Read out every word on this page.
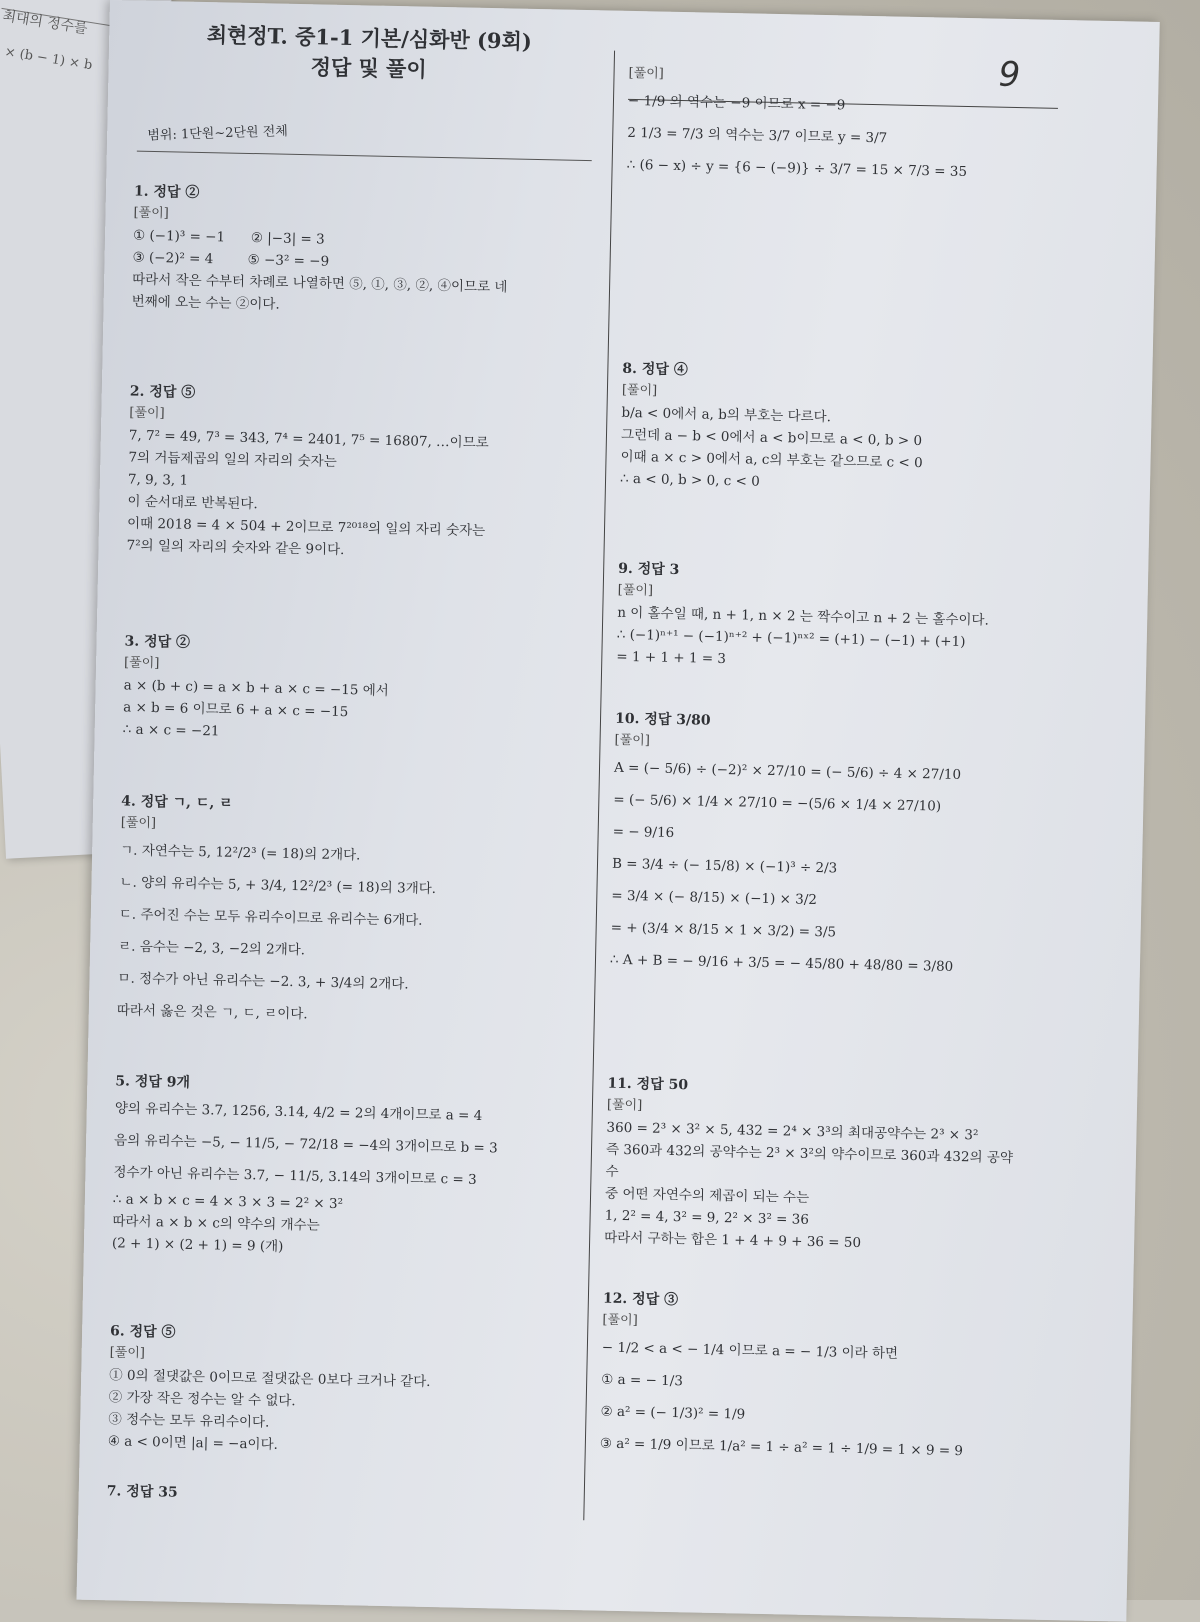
최대의 정수를
× (b − 1) × b
최현정T. 중1-1 기본/심화반 (9회)
정답 및 풀이	9
범위: 1단원~2단원 전체
1. 정답 ②
[풀이]

① (−1)³ = −1      ② |−3| = 3

③ (−2)² = 4        ⑤ −3² = −9

따라서 작은 수부터 차례로 나열하면 ⑤, ①, ③, ②, ④이므로 네

번째에 오는 수는 ②이다.

2. 정답 ⑤
[풀이]

7, 7² = 49, 7³ = 343, 7⁴ = 2401, 7⁵ = 16807, …이므로

7의 거듭제곱의 일의 자리의 숫자는

7, 9, 3, 1

이 순서대로 반복된다.

이때 2018 = 4 × 504 + 2이므로 7²⁰¹⁸의 일의 자리 숫자는

7²의 일의 자리의 숫자와 같은 9이다.

3. 정답 ②
[풀이]

a × (b + c) = a × b + a × c = −15 에서

a × b = 6 이므로 6 + a × c = −15

∴ a × c = −21

4. 정답 ㄱ, ㄷ, ㄹ
[풀이]

ㄱ. 자연수는 5, 12²/2³ (= 18)의 2개다.

ㄴ. 양의 유리수는 5, + 3/4, 12²/2³ (= 18)의 3개다.

ㄷ. 주어진 수는 모두 유리수이므로 유리수는 6개다.

ㄹ. 음수는 −2, 3, −2의 2개다.

ㅁ. 정수가 아닌 유리수는 −2. 3, + 3/4의 2개다.

따라서 옳은 것은 ㄱ, ㄷ, ㄹ이다.

5. 정답 9개

양의 유리수는 3.7, 1256, 3.14, 4/2 = 2의 4개이므로 a = 4

음의 유리수는 −5, − 11/5, − 72/18 = −4의 3개이므로 b = 3

정수가 아닌 유리수는 3.7, − 11/5, 3.14의 3개이므로 c = 3

∴ a × b × c = 4 × 3 × 3 = 2² × 3²

따라서 a × b × c의 약수의 개수는

(2 + 1) × (2 + 1) = 9 (개)

6. 정답 ⑤
[풀이]

① 0의 절댓값은 0이므로 절댓값은 0보다 크거나 같다.

② 가장 작은 정수는 알 수 없다.

③ 정수는 모두 유리수이다.

④ a < 0이면 |a| = −a이다.

7. 정답 35
[풀이]

− 1/9 의 역수는 −9 이므로 x = −9

2 1/3 = 7/3 의 역수는 3/7 이므로 y = 3/7

∴ (6 − x) ÷ y = {6 − (−9)} ÷ 3/7 = 15 × 7/3 = 35

8. 정답 ④
[풀이]

b/a < 0에서 a, b의 부호는 다르다.

그런데 a − b < 0에서 a < b이므로 a < 0, b > 0

이때 a × c > 0에서 a, c의 부호는 같으므로 c < 0

∴ a < 0, b > 0, c < 0

9. 정답 3
[풀이]

n 이 홀수일 때, n + 1, n × 2 는 짝수이고 n + 2 는 홀수이다.

∴ (−1)ⁿ⁺¹ − (−1)ⁿ⁺² + (−1)ⁿˣ² = (+1) − (−1) + (+1)

= 1 + 1 + 1 = 3

10. 정답 3/80
[풀이]

A = (− 5/6) ÷ (−2)² × 27/10 = (− 5/6) ÷ 4 × 27/10

= (− 5/6) × 1/4 × 27/10 = −(5/6 × 1/4 × 27/10)

= − 9/16

B = 3/4 ÷ (− 15/8) × (−1)³ ÷ 2/3

= 3/4 × (− 8/15) × (−1) × 3/2

= + (3/4 × 8/15 × 1 × 3/2) = 3/5

∴ A + B = − 9/16 + 3/5 = − 45/80 + 48/80 = 3/80

11. 정답 50
[풀이]

360 = 2³ × 3² × 5, 432 = 2⁴ × 3³의 최대공약수는 2³ × 3²

즉 360과 432의 공약수는 2³ × 3²의 약수이므로 360과 432의 공약수

중 어떤 자연수의 제곱이 되는 수는

1, 2² = 4, 3² = 9, 2² × 3² = 36

따라서 구하는 합은 1 + 4 + 9 + 36 = 50

12. 정답 ③
[풀이]

− 1/2 < a < − 1/4 이므로 a = − 1/3 이라 하면

① a = − 1/3

② a² = (− 1/3)² = 1/9

③ a² = 1/9 이므로 1/a² = 1 ÷ a² = 1 ÷ 1/9 = 1 × 9 = 9
